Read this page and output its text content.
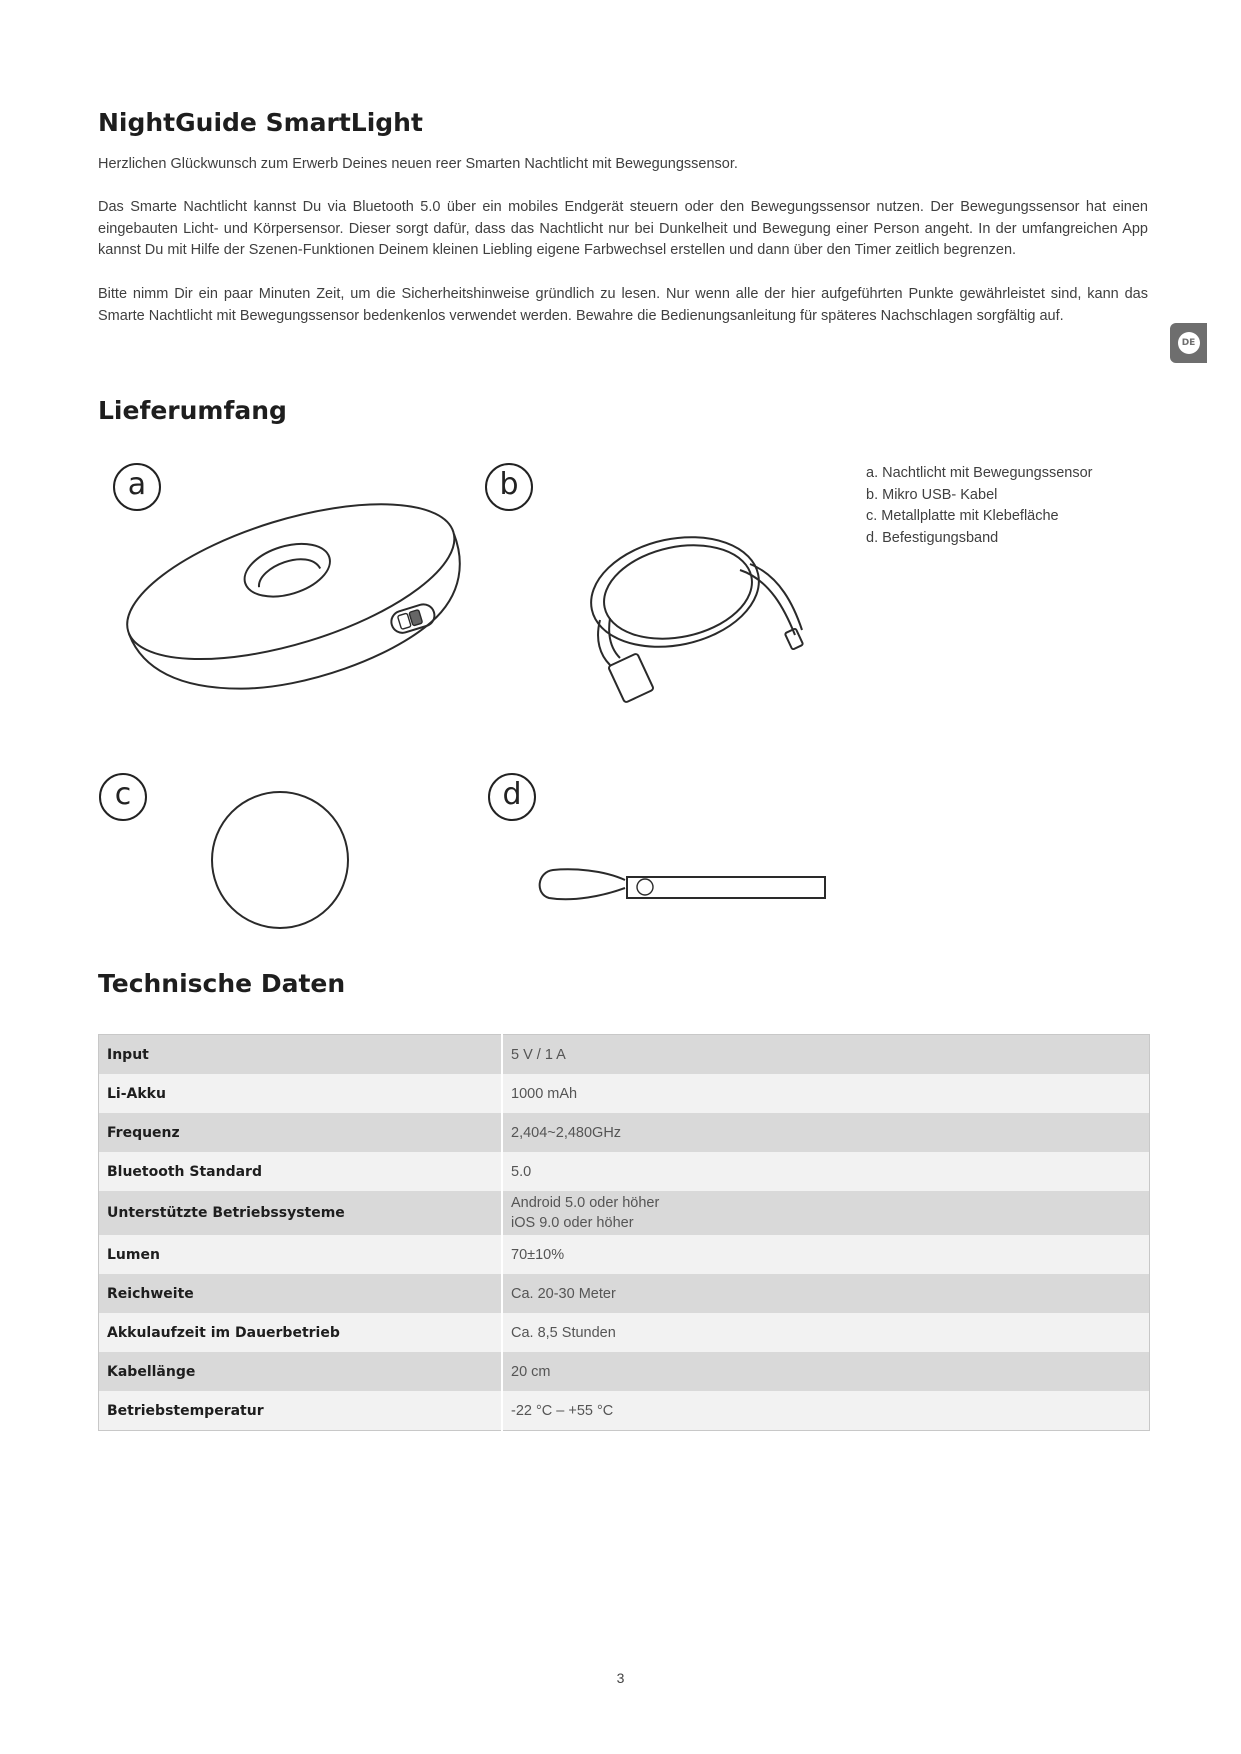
NightGuide SmartLight

Herzlichen Glückwunsch zum Erwerb Deines neuen reer Smarten Nachtlicht mit Bewegungssensor.

Das Smarte Nachtlicht kannst Du via Bluetooth 5.0 über ein mobiles Endgerät steuern oder den Bewegungssensor nutzen. Der Bewegungssensor hat einen eingebauten Licht- und Körpersensor. Dieser sorgt dafür, dass das Nachtlicht nur bei Dunkelheit und Bewegung einer Person angeht. In der umfangreichen App kannst Du mit Hilfe der Szenen-Funktionen Deinem kleinen Liebling eigene Farbwechsel erstellen und dann über den Timer zeitlich begrenzen.

Bitte nimm Dir ein paar Minuten Zeit, um die Sicherheitshinweise gründlich zu lesen. Nur wenn alle der hier aufgeführten Punkte gewährleistet sind, kann das Smarte Nachtlicht mit Bewegungssensor bedenkenlos verwendet werden. Bewahre die Bedienungsanleitung für späteres Nachschlagen sorgfältig auf.

DE
Lieferumfang
a	b
c	d
a. Nachtlicht mit Bewegungssensor
b. Mikro USB- Kabel
c. Metallplatte mit Klebefläche
d. Befestigungsband
Technische Daten
Input	5 V / 1 A
Li-Akku	1000 mAh
Frequenz	2,404~2,480GHz
Bluetooth Standard	5.0
Unterstützte Betriebssysteme	Android 5.0 oder höher
iOS 9.0 oder höher
Lumen	70±10%
Reichweite	Ca. 20-30 Meter
Akkulaufzeit im Dauerbetrieb	Ca. 8,5 Stunden
Kabellänge	20 cm
Betriebstemperatur	-22 °C – +55 °C
3
